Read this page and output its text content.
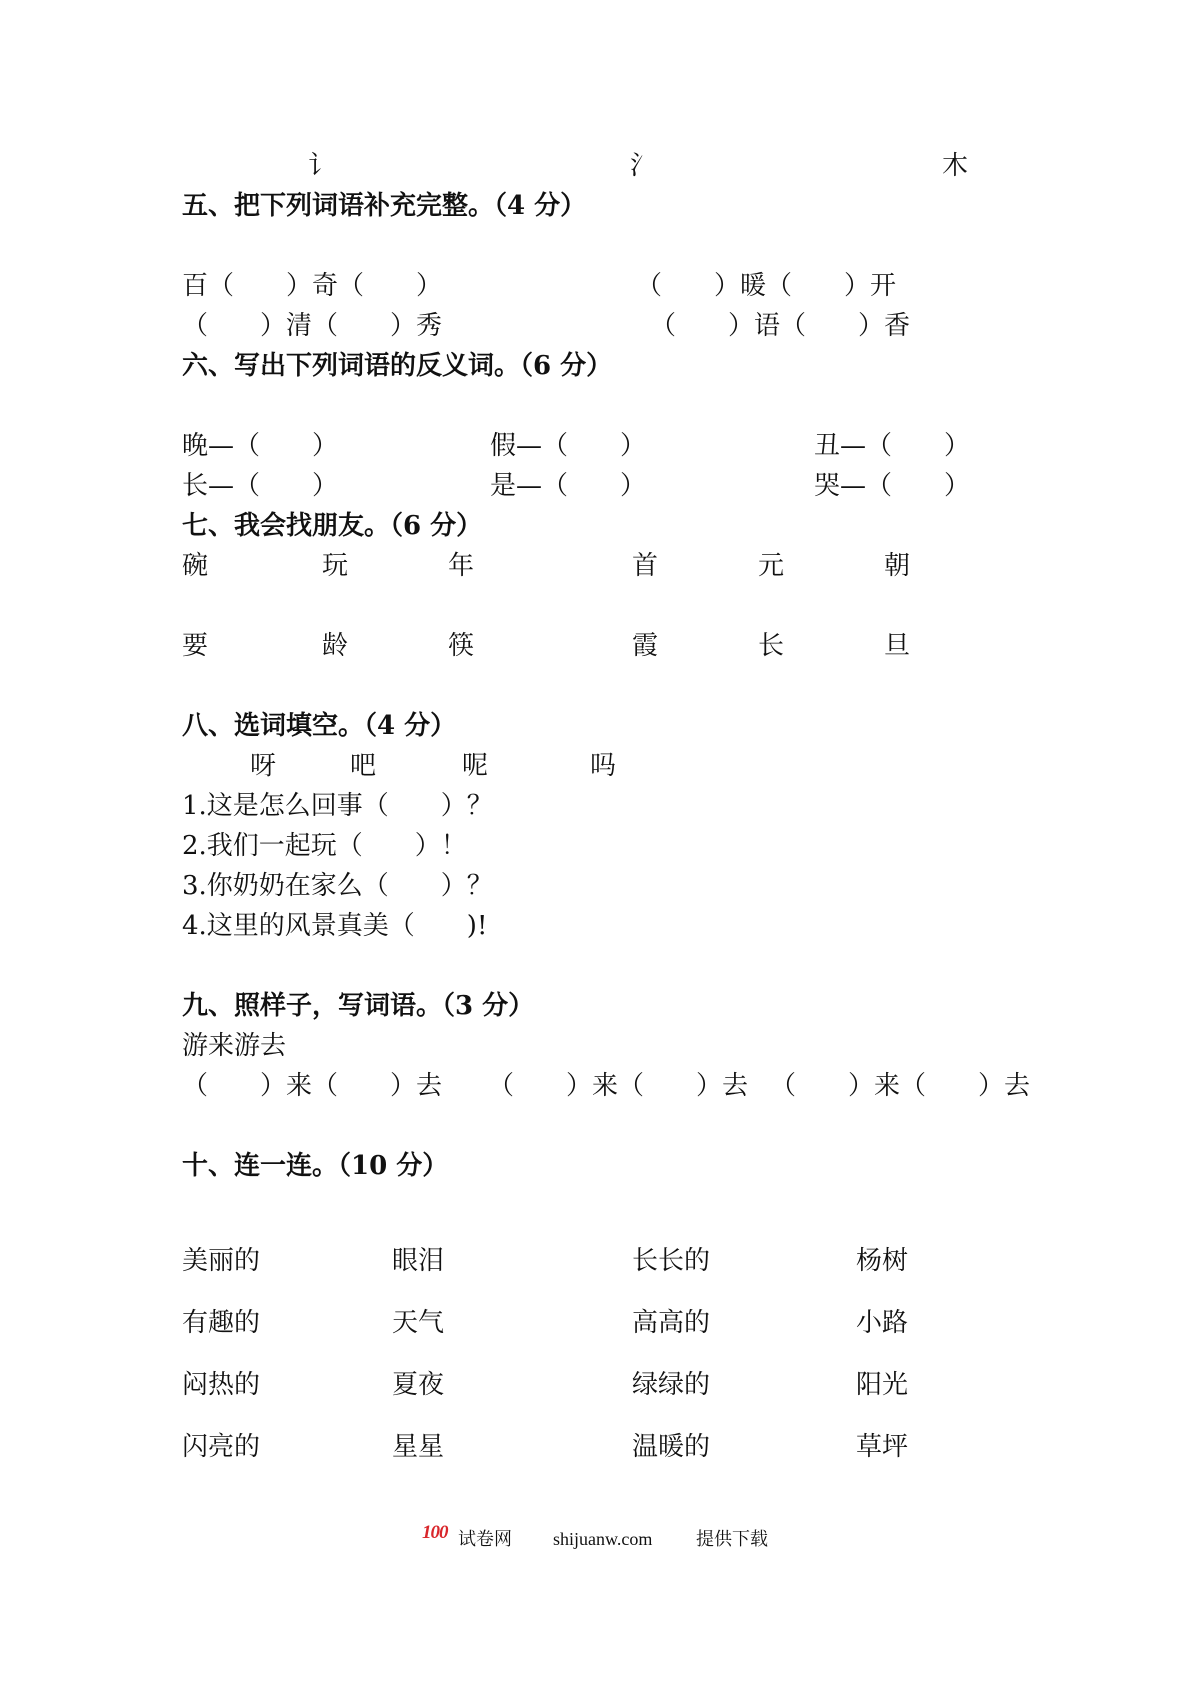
讠	氵	木
五、把下列词语补充完整。（4 分）
百（　　）奇（　　）	（　　）暖（　　）开
（　　）清（　　）秀	（　　）语（　　）香
六、写出下列词语的反义词。（6 分）
晚—（　　）	假—（　　）	丑—（　　）
长—（　　）	是—（　　）	哭—（　　）
七、我会找朋友。（6 分）
碗	玩	年	首	元	朝
要	龄	筷	霞	长	旦
八、选词填空。（4 分）
呀	吧	呢	吗
1.这是怎么回事（　　）？
2.我们一起玩（　　）！
3.你奶奶在家么（　　）？
4.这里的风景真美（　　)!
九、照样子，写词语。（3 分）
游来游去
（　　）来（　　）去 （　　）来（　　）去 （　　）来（　　）去
十、连一连。（10 分）
美丽的	眼泪	长长的	杨树
有趣的	天气	高高的	小路
闷热的	夏夜	绿绿的	阳光
闪亮的	星星	温暖的	草坪
100 试卷网 shijuanw.com 提供下载
